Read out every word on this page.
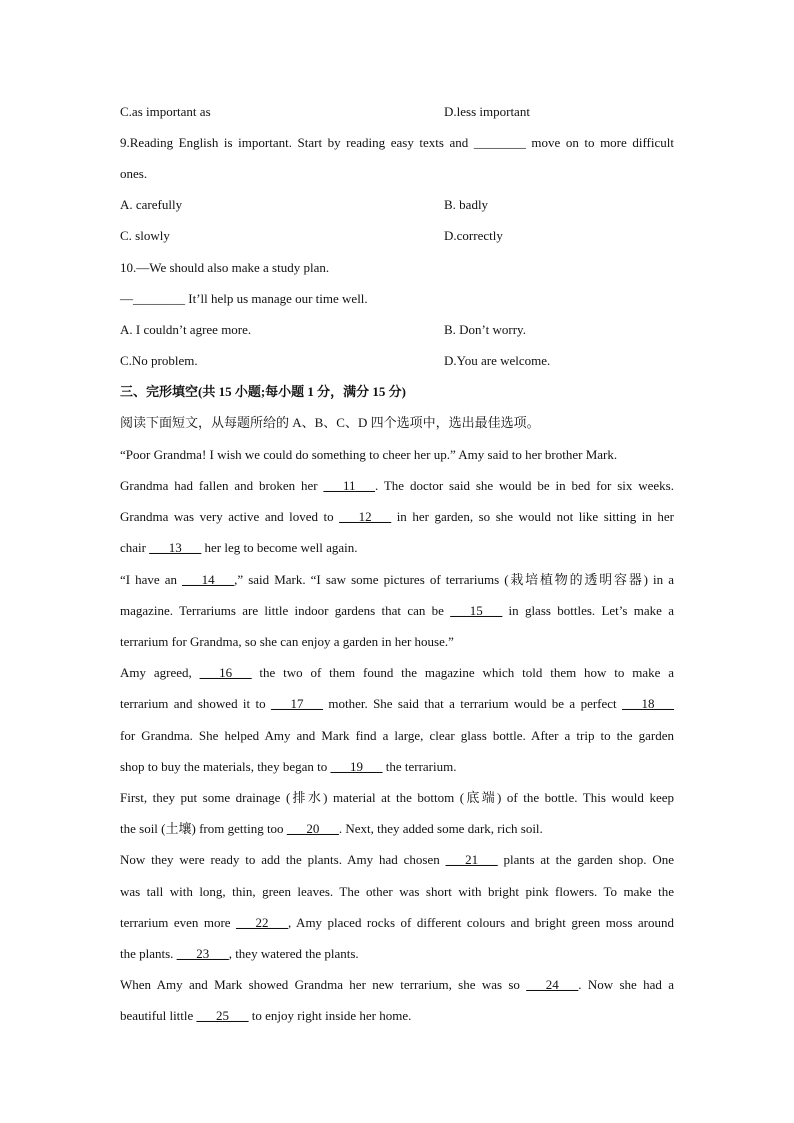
C.as important as	D.less important
9.Reading English is important. Start by reading easy texts and ________ move on to more difficult
ones.
A. carefully	B. badly
C. slowly	D.correctly
10.—We should also make a study plan.
—________ It’ll help us manage our time well.
A. I couldn’t agree more.	B. Don’t worry.
C.No problem.	D.You are welcome.
三、完形填空(共 15 小题;每小题 1 分，满分 15 分)
阅读下面短文，从每题所给的 A、B、C、D 四个选项中，选出最佳选项。
“Poor Grandma! I wish we could do something to cheer her up.” Amy said to her brother Mark.
Grandma had fallen and broken her ___11___. The doctor said she would be in bed for six weeks.
Grandma was very active and loved to ___12___ in her garden, so she would not like sitting in her
chair ___13___ her leg to become well again.
“I have an ___14___,” said Mark. “I saw some pictures of terrariums (栽培植物的透明容器) in a
magazine. Terrariums are little indoor gardens that can be ___15___ in glass bottles. Let’s make a
terrarium for Grandma, so she can enjoy a garden in her house.”
Amy agreed, ___16___ the two of them found the magazine which told them how to make a
terrarium and showed it to ___17___ mother. She said that a terrarium would be a perfect ___18___
for Grandma. She helped Amy and Mark find a large, clear glass bottle. After a trip to the garden
shop to buy the materials, they began to ___19___ the terrarium.
First, they put some drainage (排水) material at the bottom (底端) of the bottle. This would keep
the soil (土壤) from getting too ___20___. Next, they added some dark, rich soil.
Now they were ready to add the plants. Amy had chosen ___21___ plants at the garden shop. One
was tall with long, thin, green leaves. The other was short with bright pink flowers. To make the
terrarium even more ___22___, Amy placed rocks of different colours and bright green moss around
the plants. ___23___, they watered the plants.
When Amy and Mark showed Grandma her new terrarium, she was so ___24___. Now she had a
beautiful little ___25___ to enjoy right inside her home.
